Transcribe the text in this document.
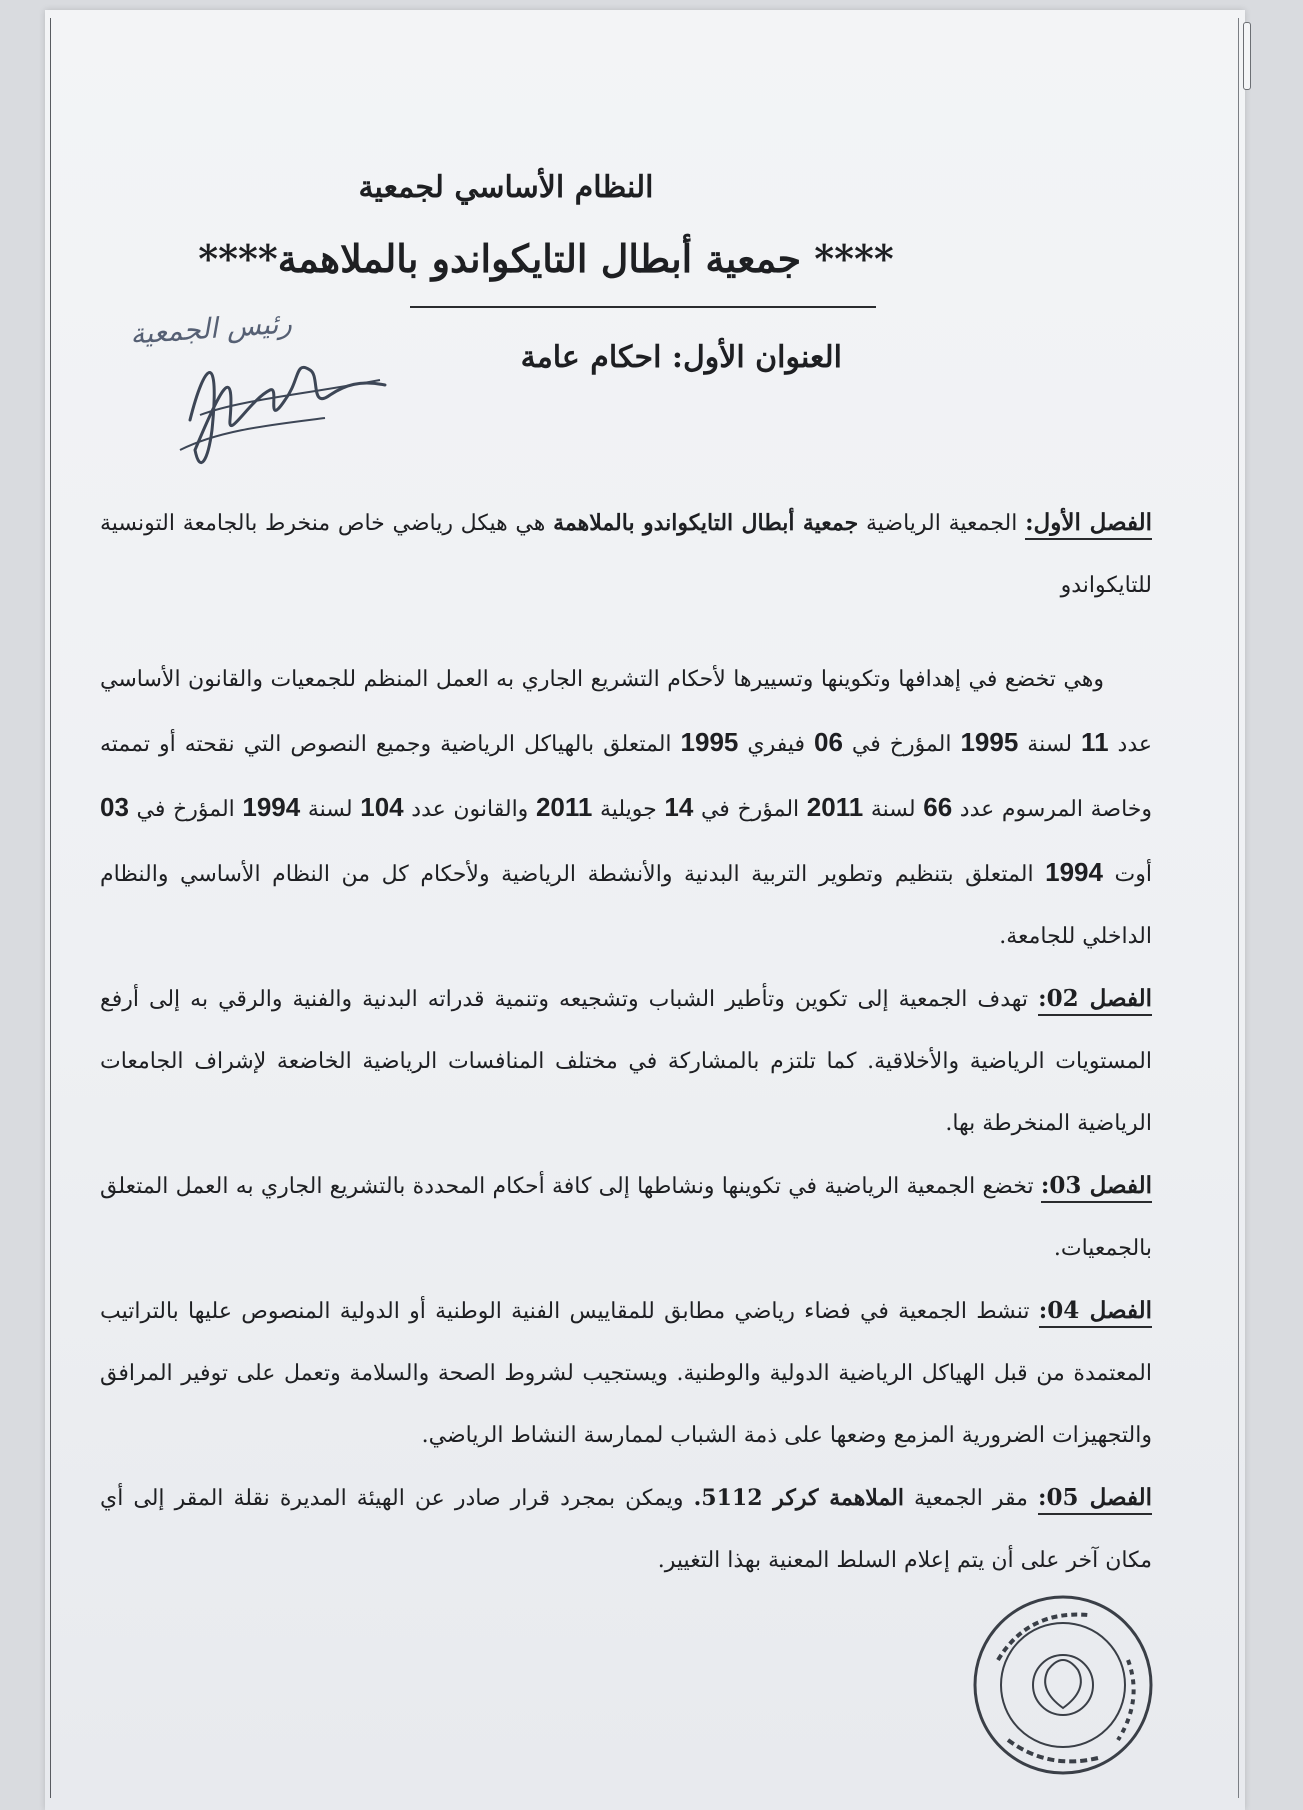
رئيس الجمعية
النظام الأساسي لجمعية
**** جمعية أبطال التايكواندو بالملاهمة****
العنوان الأول: احكام عامة

الفصل الأول: الجمعية الرياضية جمعية أبطال التايكواندو بالملاهمة هي هيكل رياضي خاص منخرط بالجامعة التونسية للتايكواندو

وهي تخضع في إهدافها وتكوينها وتسييرها لأحكام التشريع الجاري به العمل المنظم للجمعيات والقانون الأساسي عدد 11 لسنة 1995 المؤرخ في 06 فيفري 1995 المتعلق بالهياكل الرياضية وجميع النصوص التي نقحته أو تممته وخاصة المرسوم عدد 66 لسنة 2011 المؤرخ في 14 جويلية 2011 والقانون عدد 104 لسنة 1994 المؤرخ في 03 أوت 1994 المتعلق بتنظيم وتطوير التربية البدنية والأنشطة الرياضية ولأحكام كل من النظام الأساسي والنظام الداخلي للجامعة.

الفصل 02: تهدف الجمعية إلى تكوين وتأطير الشباب وتشجيعه وتنمية قدراته البدنية والفنية والرقي به إلى أرفع المستويات الرياضية والأخلاقية. كما تلتزم بالمشاركة في مختلف المنافسات الرياضية الخاضعة لإشراف الجامعات الرياضية المنخرطة بها.

الفصل 03: تخضع الجمعية الرياضية في تكوينها ونشاطها إلى كافة أحكام المحددة بالتشريع الجاري به العمل المتعلق بالجمعيات.

الفصل 04: تنشط الجمعية في فضاء رياضي مطابق للمقاييس الفنية الوطنية أو الدولية المنصوص عليها بالتراتيب المعتمدة من قبل الهياكل الرياضية الدولية والوطنية. ويستجيب لشروط الصحة والسلامة وتعمل على توفير المرافق والتجهيزات الضرورية المزمع وضعها على ذمة الشباب لممارسة النشاط الرياضي.

الفصل 05: مقر الجمعية الملاهمة كركر 5112. ويمكن بمجرد قرار صادر عن الهيئة المديرة نقلة المقر إلى أي مكان آخر على أن يتم إعلام السلط المعنية بهذا التغيير.
